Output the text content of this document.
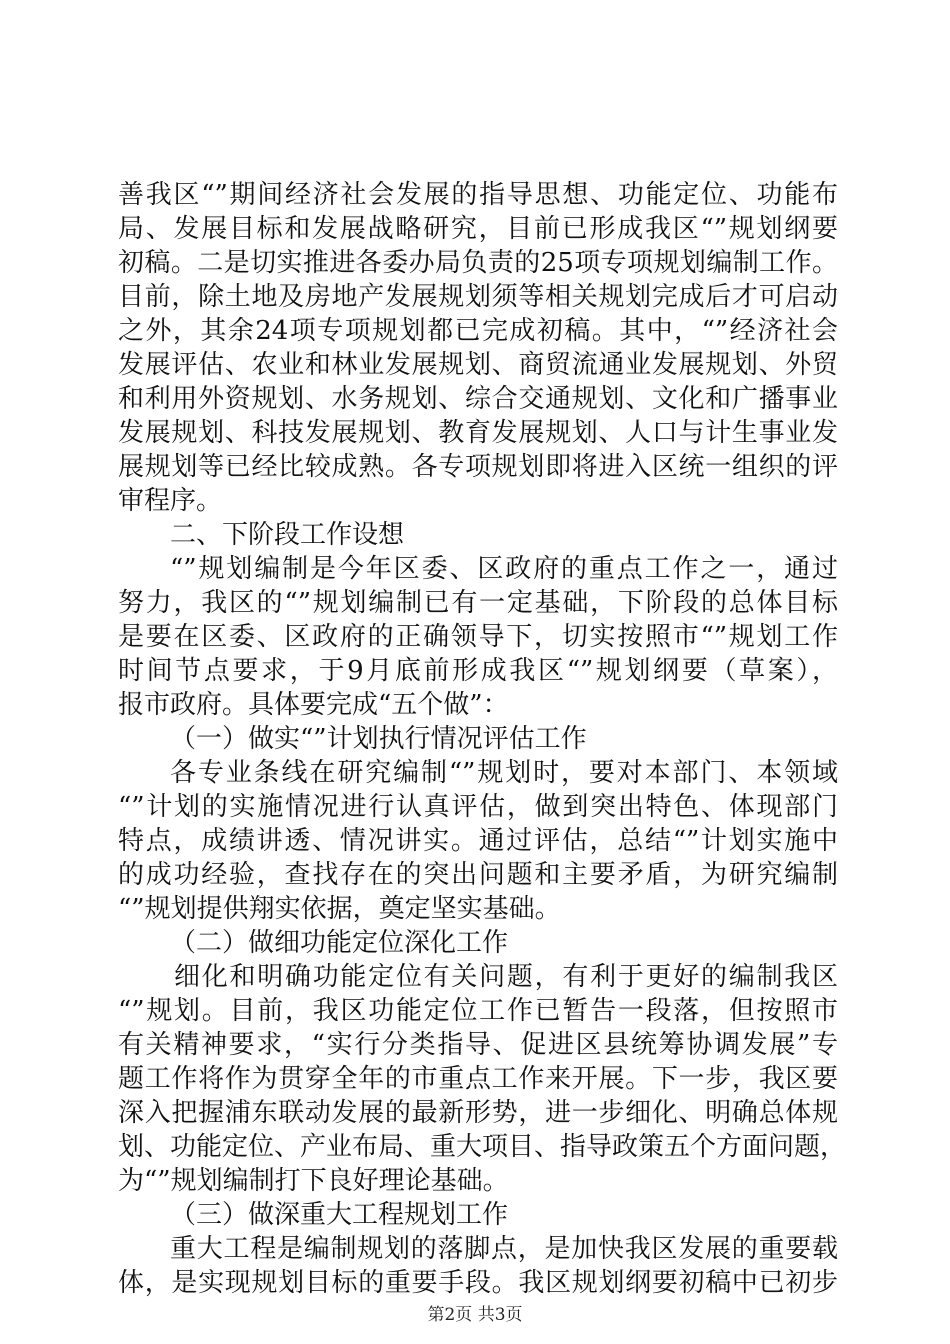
善我区“”期间经济社会发展的指导思想、功能定位、功能布
局、发展目标和发展战略研究，目前已形成我区“”规划纲要
初稿。二是切实推进各委办局负责的25项专项规划编制工作。
目前，除土地及房地产发展规划须等相关规划完成后才可启动
之外，其余24项专项规划都已完成初稿。其中，“”经济社会
发展评估、农业和林业发展规划、商贸流通业发展规划、外贸
和利用外资规划、水务规划、综合交通规划、文化和广播事业
发展规划、科技发展规划、教育发展规划、人口与计生事业发
展规划等已经比较成熟。各专项规划即将进入区统一组织的评
审程序。
二、下阶段工作设想
“”规划编制是今年区委、区政府的重点工作之一，通过
努力，我区的“”规划编制已有一定基础，下阶段的总体目标
是要在区委、区政府的正确领导下，切实按照市“”规划工作
时间节点要求，于9月底前形成我区“”规划纲要（草案），
报市政府。具体要完成“五个做”：
（一）做实“”计划执行情况评估工作
各专业条线在研究编制“”规划时，要对本部门、本领域
“”计划的实施情况进行认真评估，做到突出特色、体现部门
特点，成绩讲透、情况讲实。通过评估，总结“”计划实施中
的成功经验，查找存在的突出问题和主要矛盾，为研究编制
“”规划提供翔实依据，奠定坚实基础。
（二）做细功能定位深化工作
细化和明确功能定位有关问题，有利于更好的编制我区
“”规划。目前，我区功能定位工作已暂告一段落，但按照市
有关精神要求，“实行分类指导、促进区县统筹协调发展”专
题工作将作为贯穿全年的市重点工作来开展。下一步，我区要
深入把握浦东联动发展的最新形势，进一步细化、明确总体规
划、功能定位、产业布局、重大项目、指导政策五个方面问题，
为“”规划编制打下良好理论基础。
（三）做深重大工程规划工作
重大工程是编制规划的落脚点，是加快我区发展的重要载
体，是实现规划目标的重要手段。我区规划纲要初稿中已初步
第2页 共3页
